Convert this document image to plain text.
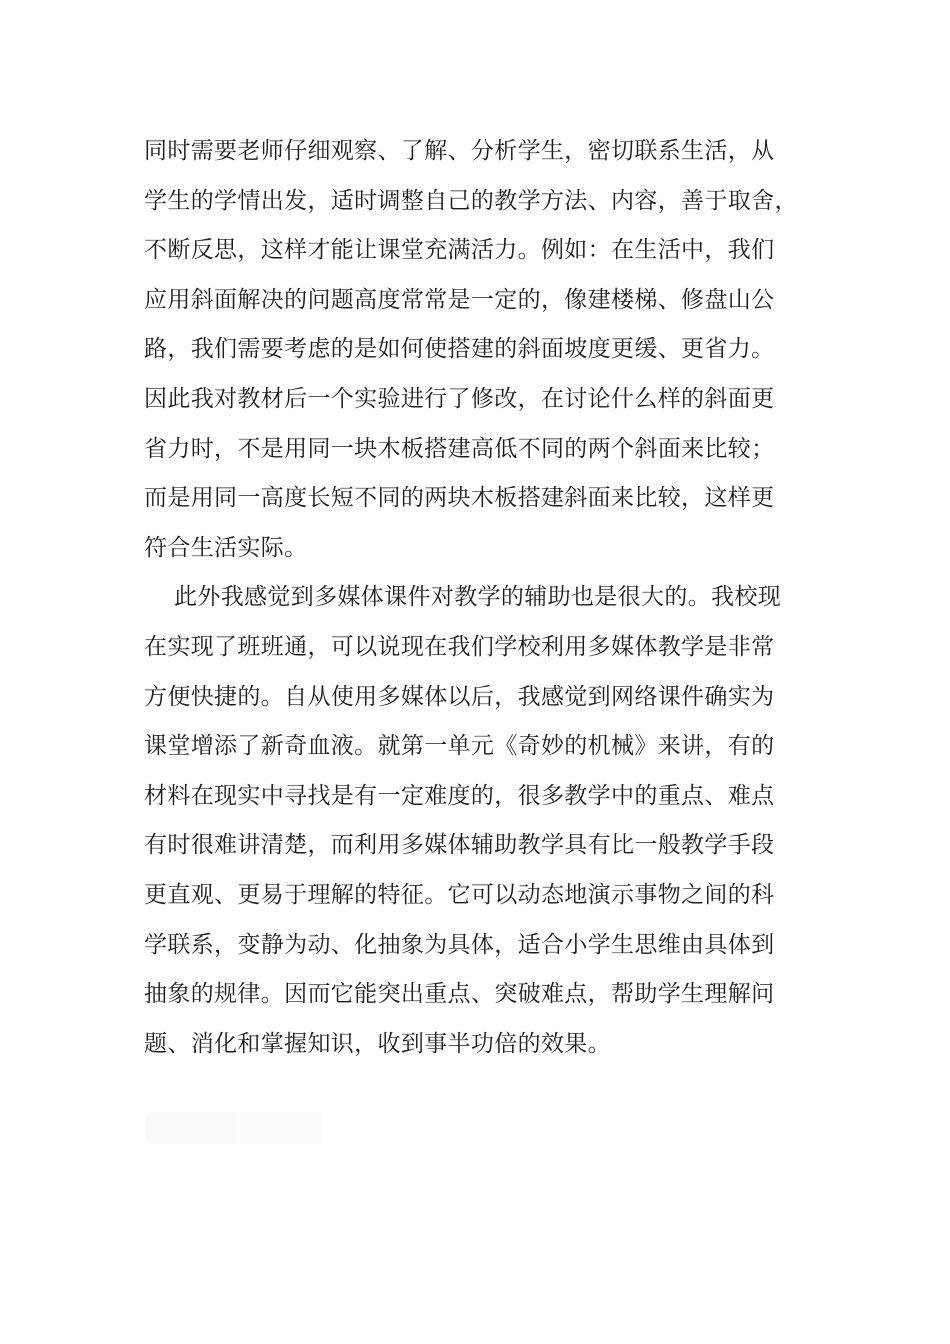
同时需要老师仔细观察、了解、分析学生，密切联系生活，从
学生的学情出发，适时调整自己的教学方法、内容，善于取舍，
不断反思，这样才能让课堂充满活力。例如：在生活中，我们
应用斜面解决的问题高度常常是一定的，像建楼梯、修盘山公
路，我们需要考虑的是如何使搭建的斜面坡度更缓、更省力。
因此我对教材后一个实验进行了修改，在讨论什么样的斜面更
省力时，不是用同一块木板搭建高低不同的两个斜面来比较；
而是用同一高度长短不同的两块木板搭建斜面来比较，这样更
符合生活实际。
此外我感觉到多媒体课件对教学的辅助也是很大的。我校现
在实现了班班通，可以说现在我们学校利用多媒体教学是非常
方便快捷的。自从使用多媒体以后，我感觉到网络课件确实为
课堂增添了新奇血液。就第一单元《奇妙的机械》来讲，有的
材料在现实中寻找是有一定难度的，很多教学中的重点、难点
有时很难讲清楚，而利用多媒体辅助教学具有比一般教学手段
更直观、更易于理解的特征。它可以动态地演示事物之间的科
学联系，变静为动、化抽象为具体，适合小学生思维由具体到
抽象的规律。因而它能突出重点、突破难点，帮助学生理解问
题、消化和掌握知识，收到事半功倍的效果。
